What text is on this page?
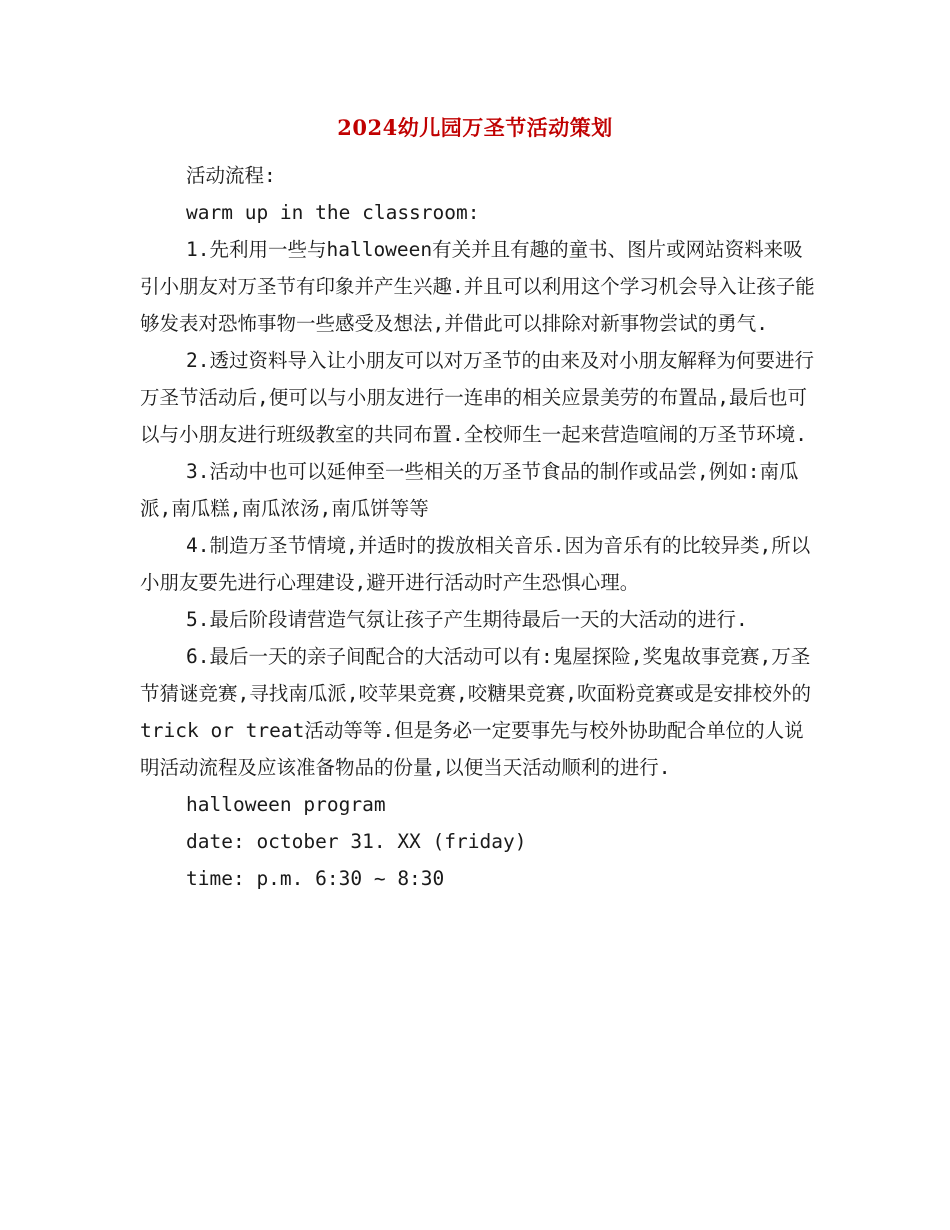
2024幼儿园万圣节活动策划

活动流程:

warm up in the classroom:

1.先利用一些与halloween有关并且有趣的童书、图片或网站资料来吸引小朋友对万圣节有印象并产生兴趣.并且可以利用这个学习机会导入让孩子能够发表对恐怖事物一些感受及想法,并借此可以排除对新事物尝试的勇气.

2.透过资料导入让小朋友可以对万圣节的由来及对小朋友解释为何要进行万圣节活动后,便可以与小朋友进行一连串的相关应景美劳的布置品,最后也可以与小朋友进行班级教室的共同布置.全校师生一起来营造喧闹的万圣节环境.

3.活动中也可以延伸至一些相关的万圣节食品的制作或品尝,例如:南瓜派,南瓜糕,南瓜浓汤,南瓜饼等等

4.制造万圣节情境,并适时的拨放相关音乐.因为音乐有的比较异类,所以小朋友要先进行心理建设,避开进行活动时产生恐惧心理。

5.最后阶段请营造气氛让孩子产生期待最后一天的大活动的进行.

6.最后一天的亲子间配合的大活动可以有:鬼屋探险,奖鬼故事竞赛,万圣节猜谜竞赛,寻找南瓜派,咬苹果竞赛,咬糖果竞赛,吹面粉竞赛或是安排校外的trick or treat活动等等.但是务必一定要事先与校外协助配合单位的人说明活动流程及应该准备物品的份量,以便当天活动顺利的进行.

halloween program

date: october 31. XX (friday)

time: p.m. 6:30 ~ 8:30
